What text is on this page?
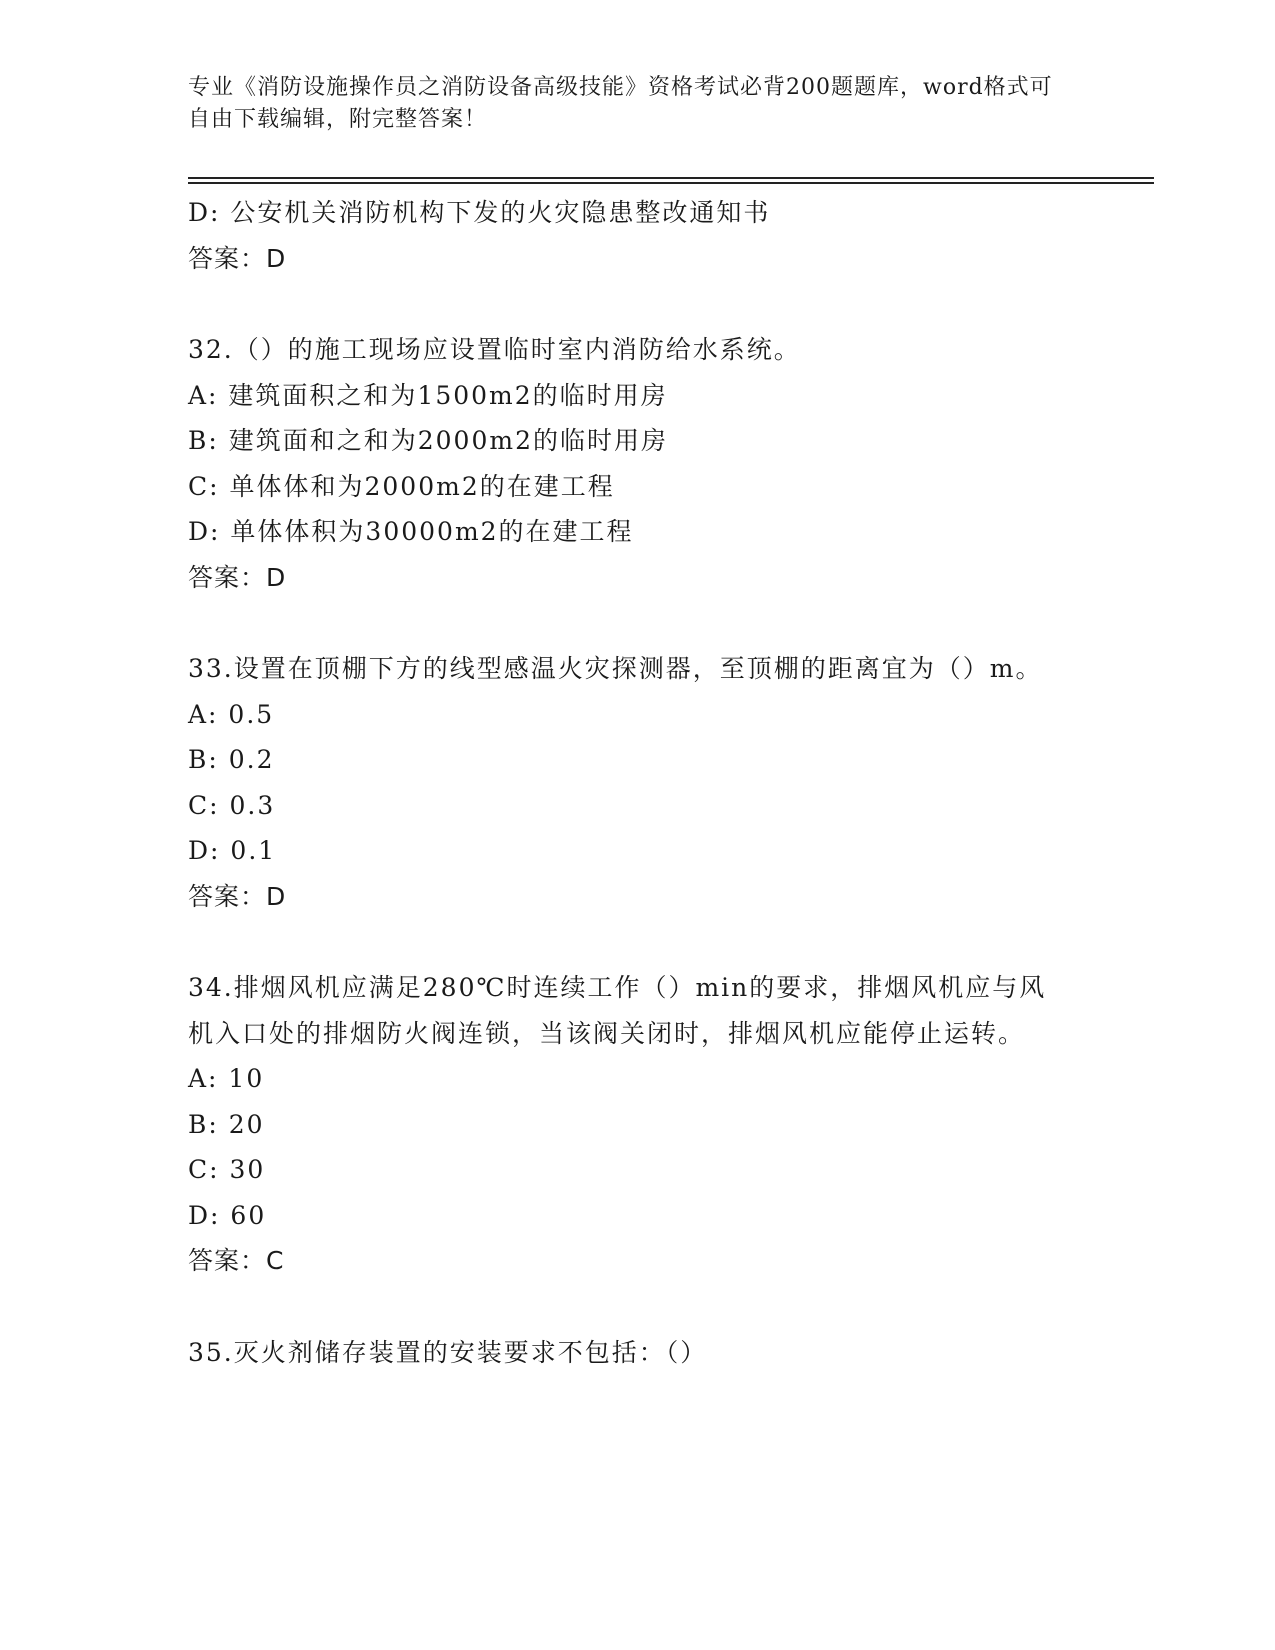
专业《消防设施操作员之消防设备高级技能》资格考试必背200题题库，word格式可自由下载编辑，附完整答案！
D: 公安机关消防机构下发的火灾隐患整改通知书
答案：D
32.（）的施工现场应设置临时室内消防给水系统。
A: 建筑面积之和为1500m2的临时用房
B: 建筑面和之和为2000m2的临时用房
C: 单体体和为2000m2的在建工程
D: 单体体积为30000m2的在建工程
答案：D
33.设置在顶棚下方的线型感温火灾探测器，至顶棚的距离宜为（）m。
A: 0.5
B: 0.2
C: 0.3
D: 0.1
答案：D
34.排烟风机应满足280℃时连续工作（）min的要求，排烟风机应与风机入口处的排烟防火阀连锁，当该阀关闭时，排烟风机应能停止运转。
A: 10
B: 20
C: 30
D: 60
答案：C
35.灭火剂储存装置的安装要求不包括：（）
